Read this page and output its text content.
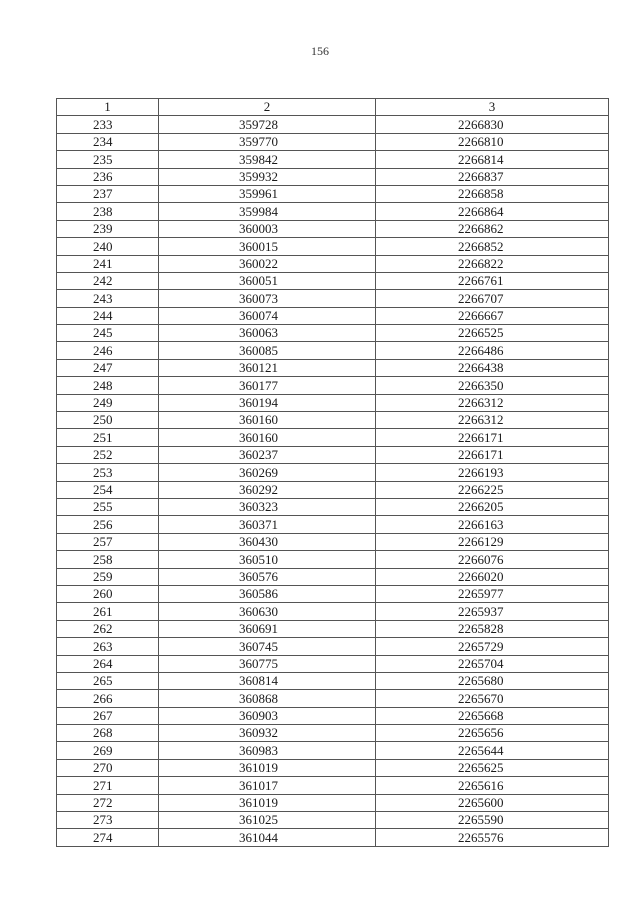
156
1	2	3
233	359728	2266830
234	359770	2266810
235	359842	2266814
236	359932	2266837
237	359961	2266858
238	359984	2266864
239	360003	2266862
240	360015	2266852
241	360022	2266822
242	360051	2266761
243	360073	2266707
244	360074	2266667
245	360063	2266525
246	360085	2266486
247	360121	2266438
248	360177	2266350
249	360194	2266312
250	360160	2266312
251	360160	2266171
252	360237	2266171
253	360269	2266193
254	360292	2266225
255	360323	2266205
256	360371	2266163
257	360430	2266129
258	360510	2266076
259	360576	2266020
260	360586	2265977
261	360630	2265937
262	360691	2265828
263	360745	2265729
264	360775	2265704
265	360814	2265680
266	360868	2265670
267	360903	2265668
268	360932	2265656
269	360983	2265644
270	361019	2265625
271	361017	2265616
272	361019	2265600
273	361025	2265590
274	361044	2265576
